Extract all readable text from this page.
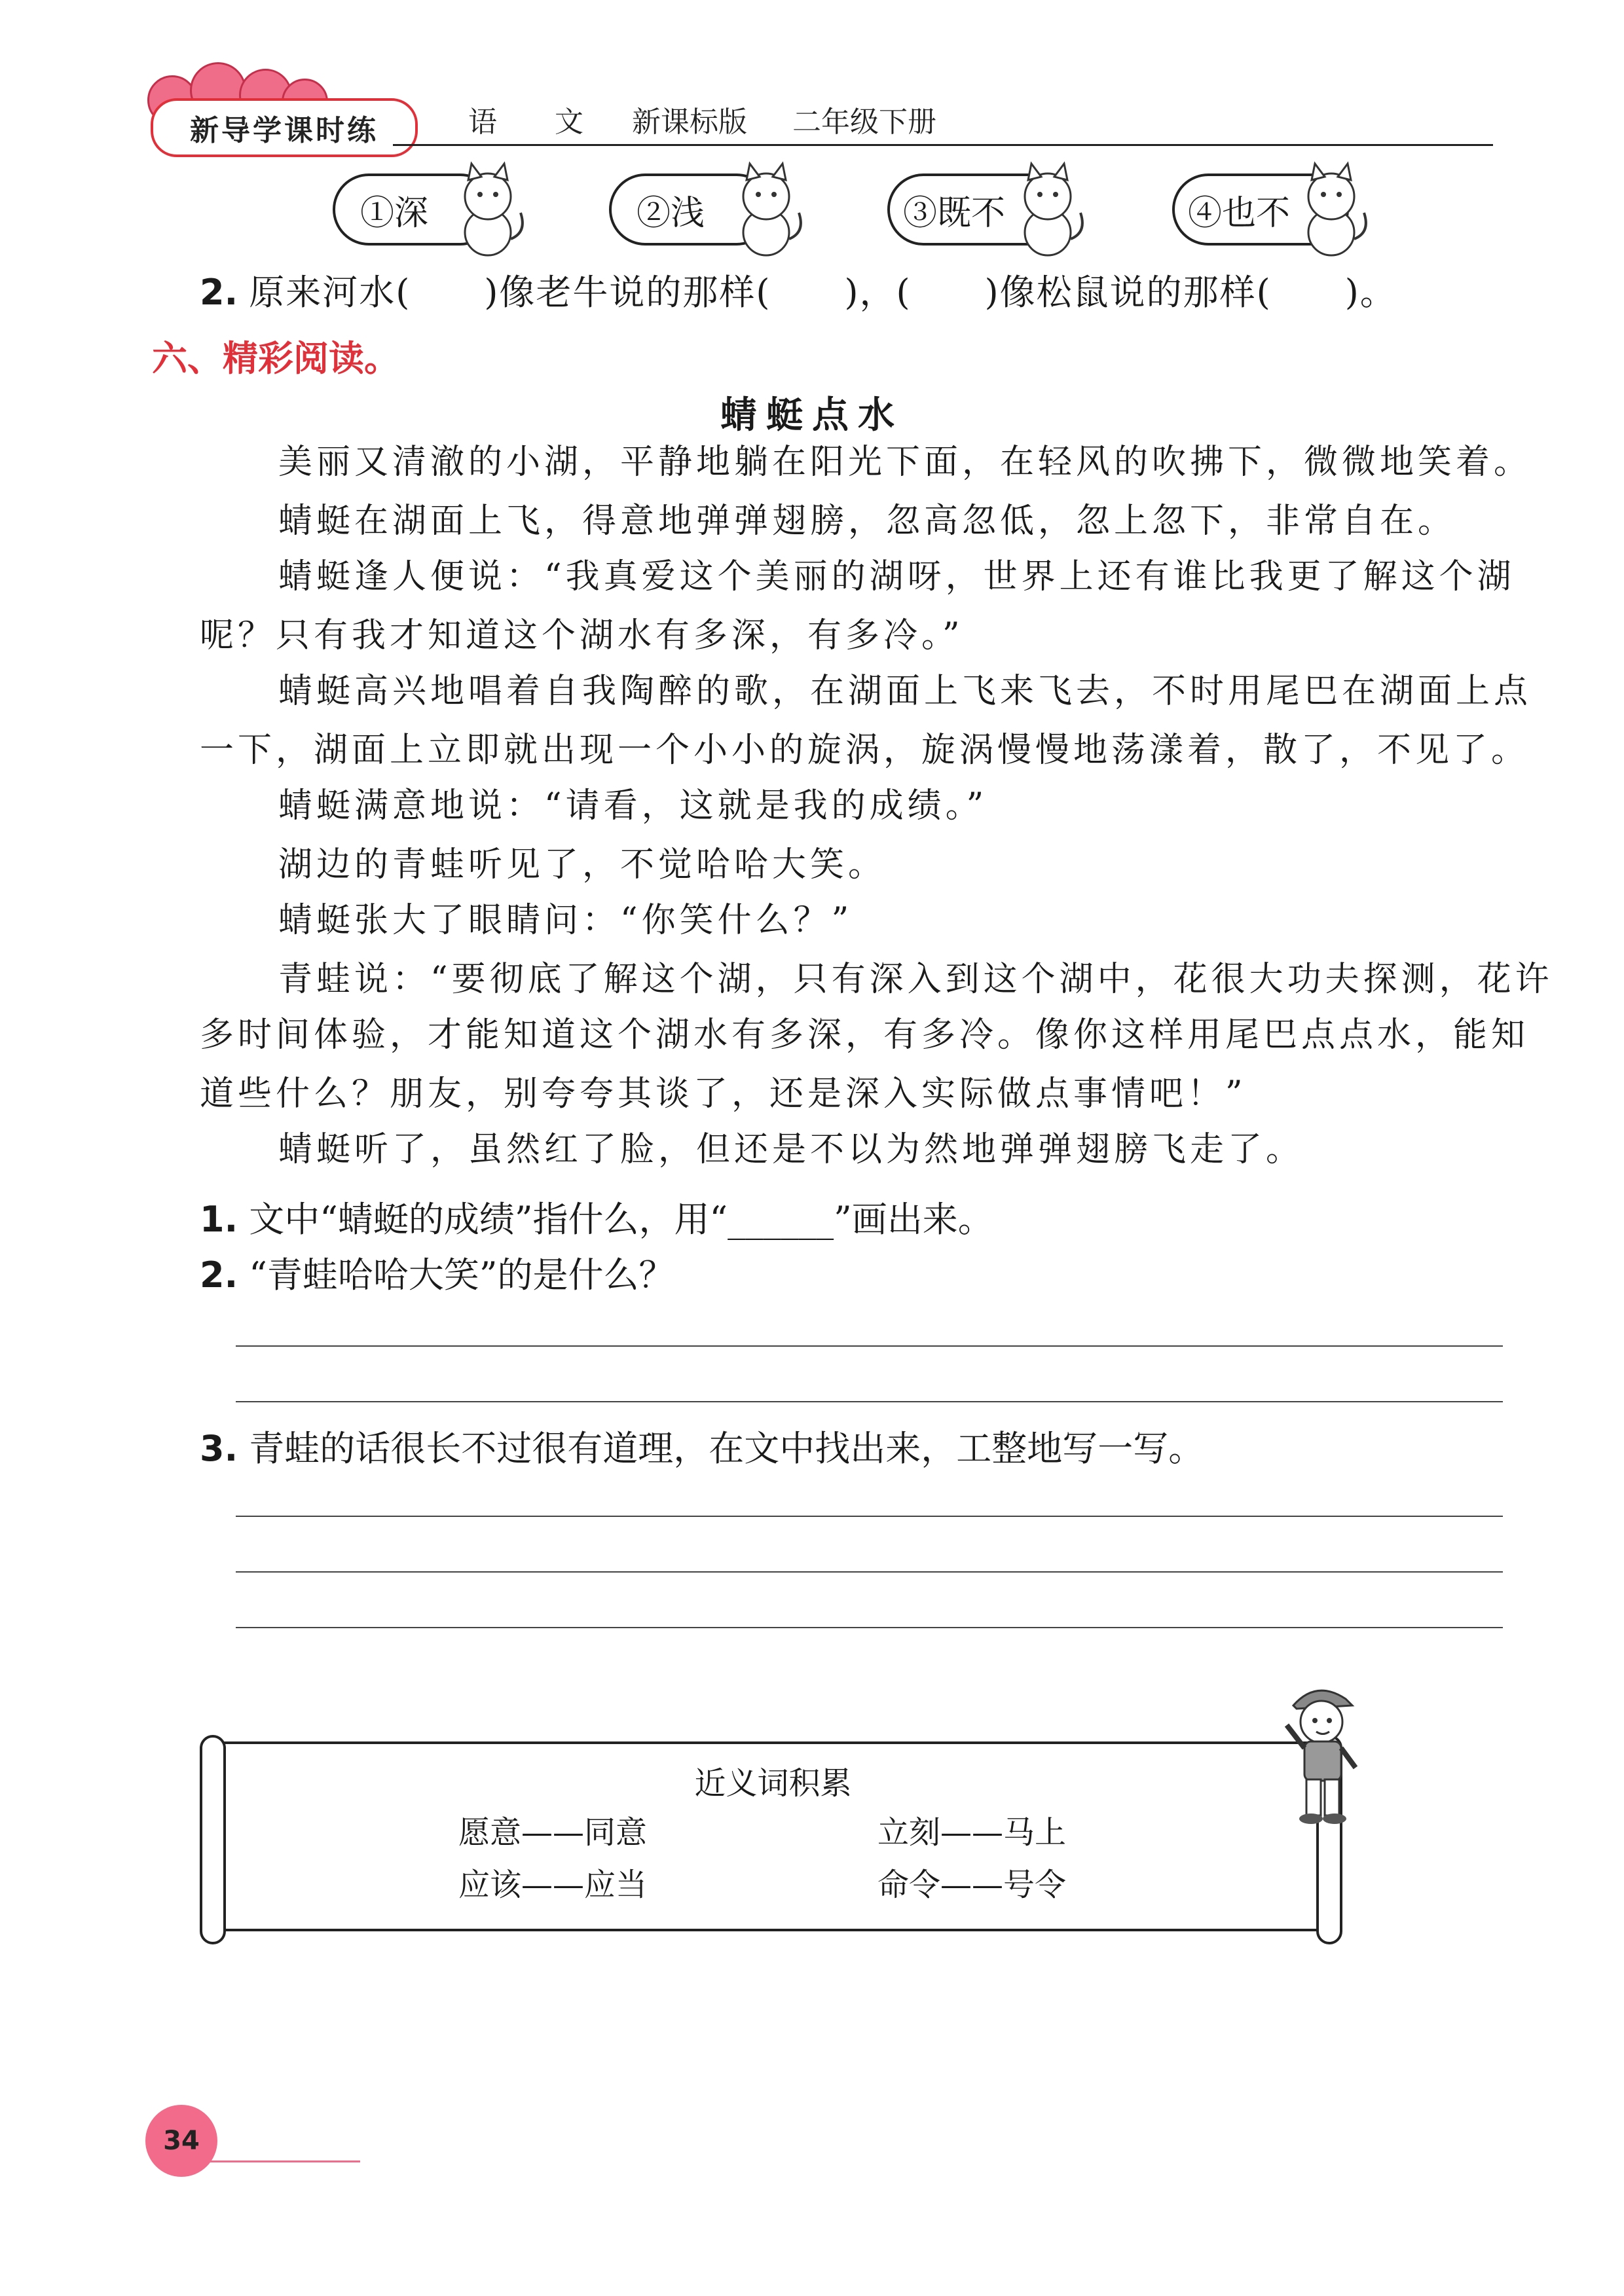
新导学课时练	语　　文 新课标版 二年级下册
①深	②浅	③既不	④也不
2. 原来河水(　　)像老牛说的那样(　　)，(　　)像松鼠说的那样(　　)。
六、精彩阅读。
蜻蜓点水
美丽又清澈的小湖，平静地躺在阳光下面，在轻风的吹拂下，微微地笑着。
蜻蜓在湖面上飞，得意地弹弹翅膀，忽高忽低，忽上忽下，非常自在。
蜻蜓逢人便说：“我真爱这个美丽的湖呀，世界上还有谁比我更了解这个湖
呢？只有我才知道这个湖水有多深，有多冷。”
蜻蜓高兴地唱着自我陶醉的歌，在湖面上飞来飞去，不时用尾巴在湖面上点
一下，湖面上立即就出现一个小小的旋涡，旋涡慢慢地荡漾着，散了，不见了。
蜻蜓满意地说：“请看，这就是我的成绩。”
湖边的青蛙听见了，不觉哈哈大笑。
蜻蜓张大了眼睛问：“你笑什么？”
青蛙说：“要彻底了解这个湖，只有深入到这个湖中，花很大功夫探测，花许
多时间体验，才能知道这个湖水有多深，有多冷。像你这样用尾巴点点水，能知
道些什么？朋友，别夸夸其谈了，还是深入实际做点事情吧！”
蜻蜓听了，虽然红了脸，但还是不以为然地弹弹翅膀飞走了。
1. 文中“蜻蜓的成绩”指什么，用“______”画出来。
2. “青蛙哈哈大笑”的是什么？
3. 青蛙的话很长不过很有道理，在文中找出来，工整地写一写。
近义词积累
愿意——同意	立刻——马上
应该——应当	命令——号令
34
